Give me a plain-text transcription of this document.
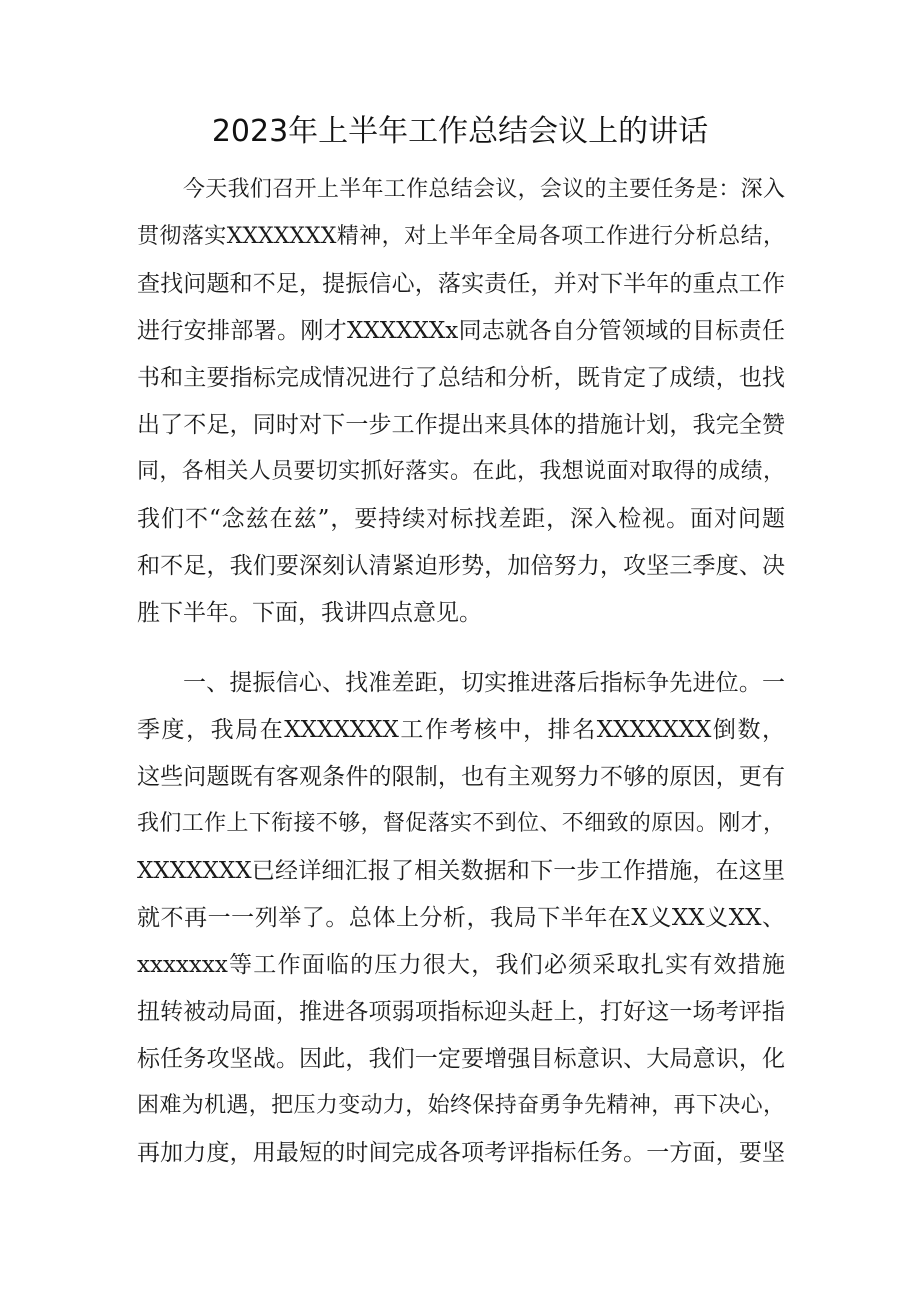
2023年上半年工作总结会议上的讲话
今天我们召开上半年工作总结会议，会议的主要任务是：深入
贯彻落实XXXXXXX精神，对上半年全局各项工作进行分析总结，
查找问题和不足，提振信心，落实责任，并对下半年的重点工作
进行安排部署。刚才XXXXXXx同志就各自分管领域的目标责任
书和主要指标完成情况进行了总结和分析，既肯定了成绩，也找
出了不足，同时对下一步工作提出来具体的措施计划，我完全赞
同，各相关人员要切实抓好落实。在此，我想说面对取得的成绩，
我们不“念兹在兹”，要持续对标找差距，深入检视。面对问题
和不足，我们要深刻认清紧迫形势，加倍努力，攻坚三季度、决
胜下半年。下面，我讲四点意见。
一、提振信心、找准差距，切实推进落后指标争先进位。一
季度，我局在XXXXXXX工作考核中，排名XXXXXXX倒数，
这些问题既有客观条件的限制，也有主观努力不够的原因，更有
我们工作上下衔接不够，督促落实不到位、不细致的原因。刚才，
XXXXXXX已经详细汇报了相关数据和下一步工作措施，在这里
就不再一一列举了。总体上分析，我局下半年在X义XX义XX、
xxxxxxx等工作面临的压力很大，我们必须采取扎实有效措施
扭转被动局面，推进各项弱项指标迎头赶上，打好这一场考评指
标任务攻坚战。因此，我们一定要增强目标意识、大局意识，化
困难为机遇，把压力变动力，始终保持奋勇争先精神，再下决心，
再加力度，用最短的时间完成各项考评指标任务。一方面，要坚
